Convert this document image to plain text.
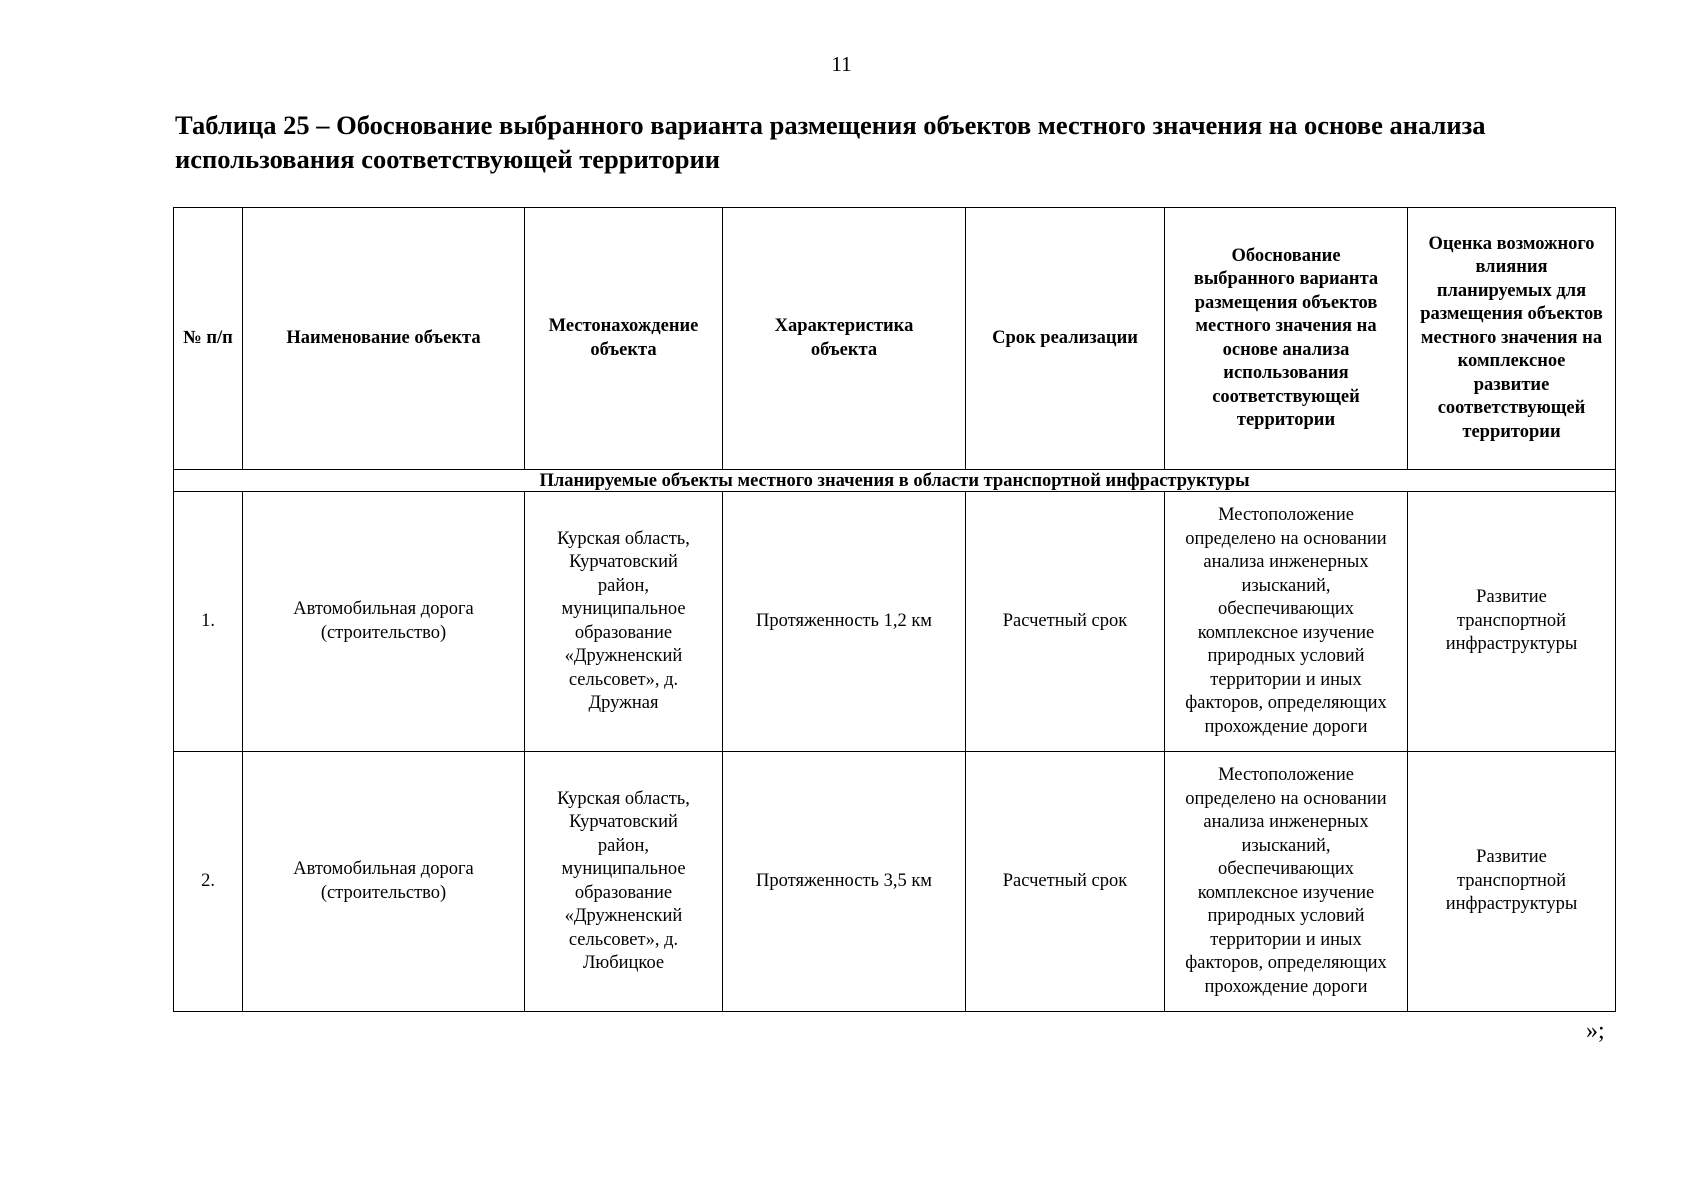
11
Таблица 25 – Обоснование выбранного варианта размещения объектов местного значения на основе анализа использования соответствующей территории
№ п/п	Наименование объекта	Местонахождение объекта	Характеристика объекта	Срок реализации	Обоснование выбранного варианта размещения объектов местного значения на основе анализа использования соответствующей территории	Оценка возможного влияния планируемых для размещения объектов местного значения на комплексное развитие соответствующей территории
Планируемые объекты местного значения в области транспортной инфраструктуры						
1.	Автомобильная дорога (строительство)	Курская область, Курчатовский район, муниципальное образование «Дружненский сельсовет», д. Дружная	Протяженность 1,2 км	Расчетный срок	Местоположение определено на основании анализа инженерных изысканий, обеспечивающих комплексное изучение природных условий территории и иных факторов, определяющих прохождение дороги	Развитие транспортной инфраструктуры
2.	Автомобильная дорога (строительство)	Курская область, Курчатовский район, муниципальное образование «Дружненский сельсовет», д. Любицкое	Протяженность 3,5 км	Расчетный срок	Местоположение определено на основании анализа инженерных изысканий, обеспечивающих комплексное изучение природных условий территории и иных факторов, определяющих прохождение дороги	Развитие транспортной инфраструктуры
»;
